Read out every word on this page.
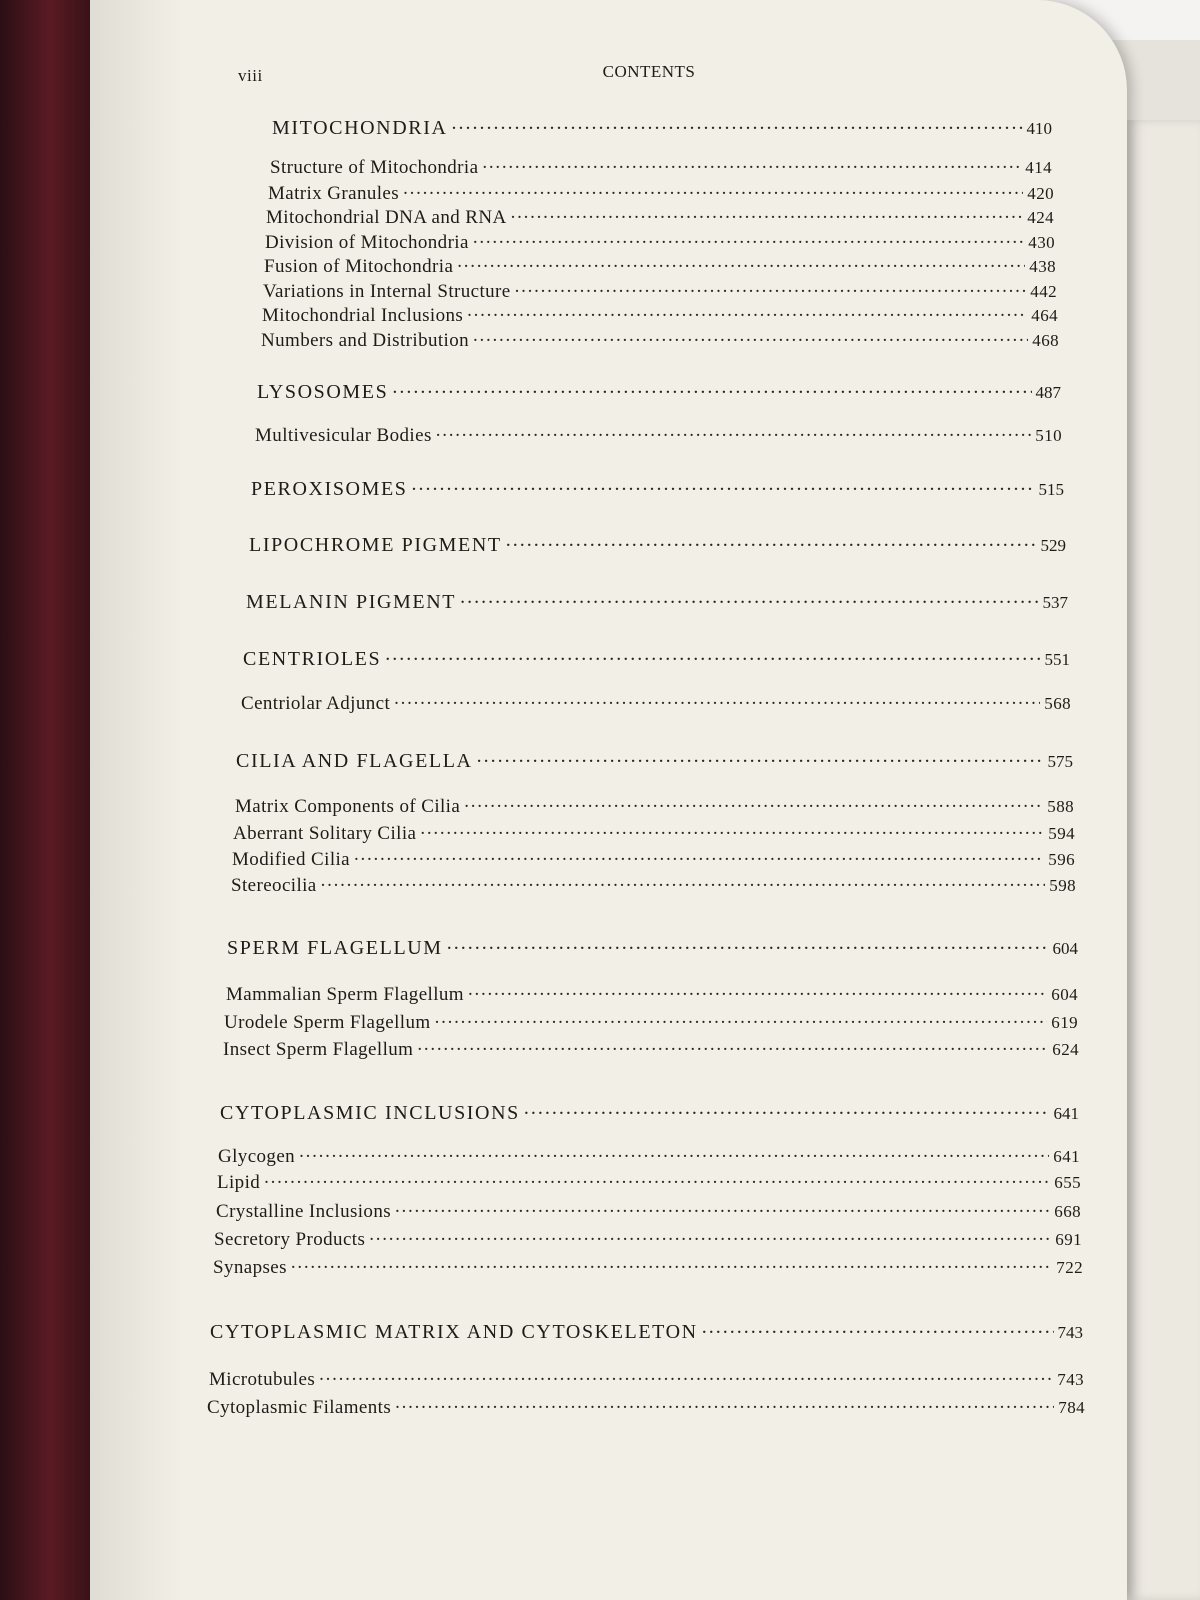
viii	CONTENTS
MITOCHONDRIA . . .	410
Structure of Mitochondria . . .	414
Matrix Granules . . .	420
Mitochondrial DNA and RNA . . .	424
Division of Mitochondria . . .	430
Fusion of Mitochondria . . .	438
Variations in Internal Structure . . .	442
Mitochondrial Inclusions . . .	464
Numbers and Distribution . . .	468
LYSOSOMES . . .	487
Multivesicular Bodies . . .	510
PEROXISOMES . . .	515
LIPOCHROME PIGMENT . . .	529
MELANIN PIGMENT . . .	537
CENTRIOLES . . .	551
Centriolar Adjunct . . .	568
CILIA AND FLAGELLA . . .	575
Matrix Components of Cilia . . .	588
Aberrant Solitary Cilia . . .	594
Modified Cilia . . .	596
Stereocilia . . .	598
SPERM FLAGELLUM . . .	604
Mammalian Sperm Flagellum . . .	604
Urodele Sperm Flagellum . . .	619
Insect Sperm Flagellum . . .	624
CYTOPLASMIC INCLUSIONS . . .	641
Glycogen . . .	641
Lipid . . .	655
Crystalline Inclusions . . .	668
Secretory Products . . .	691
Synapses . . .	722
CYTOPLASMIC MATRIX AND CYTOSKELETON . . .	743
Microtubules . . .	743
Cytoplasmic Filaments . . .	784
